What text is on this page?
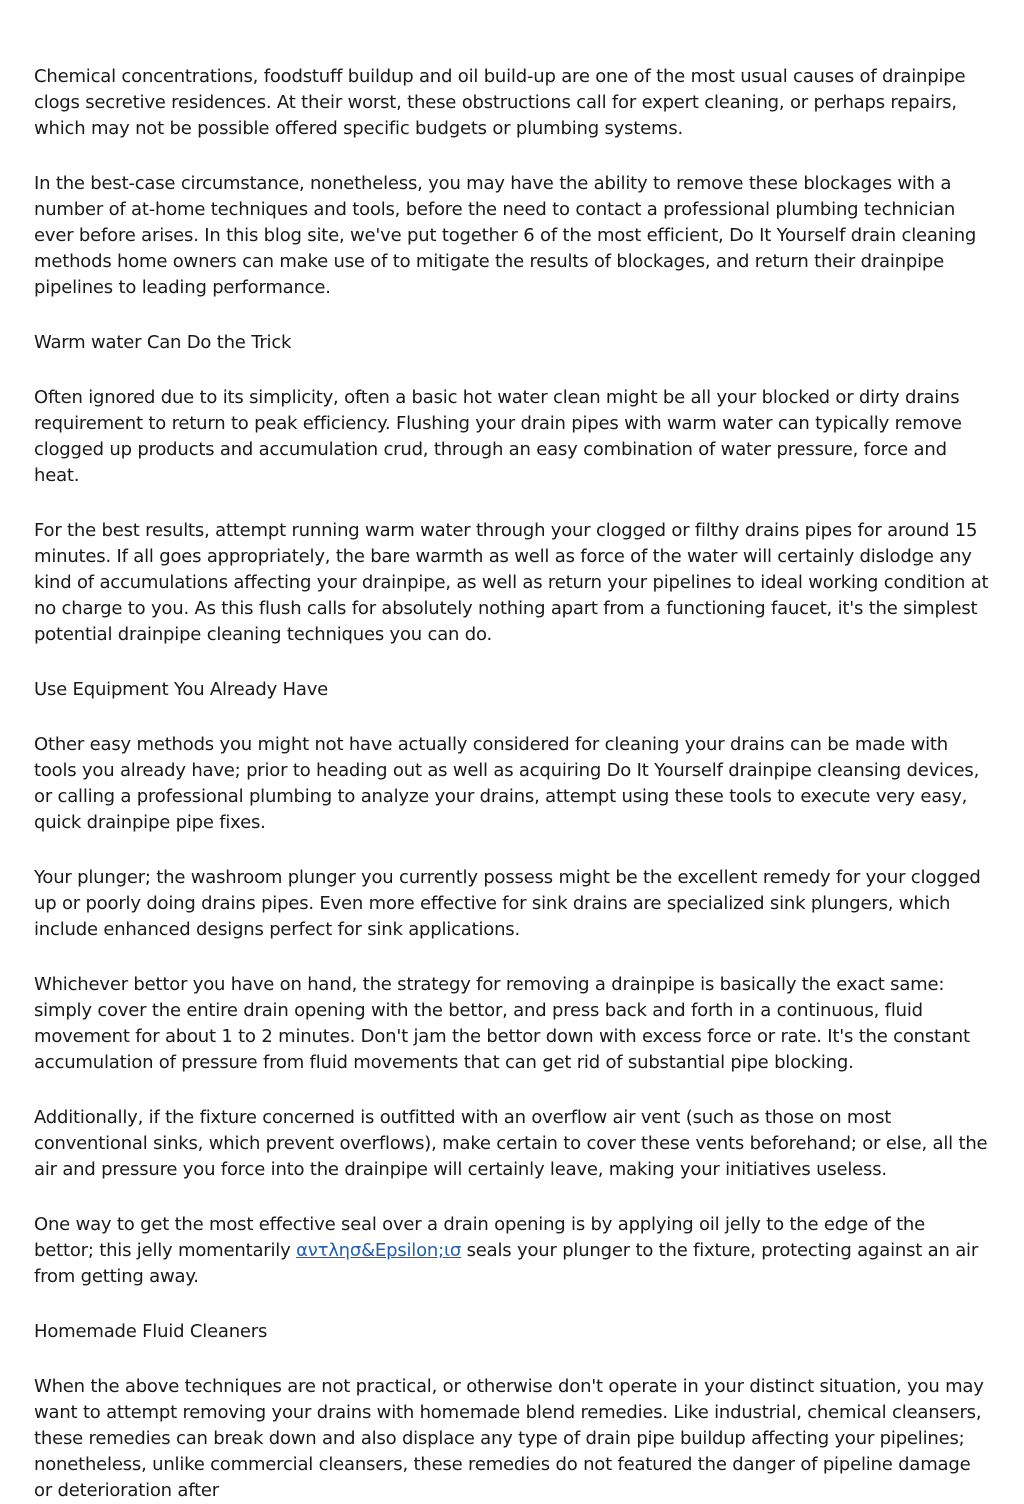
Chemical concentrations, foodstuff buildup and oil build-up are one of the most usual causes of drainpipe clogs secretive residences. At their worst, these obstructions call for expert cleaning, or perhaps repairs, which may not be possible offered specific budgets or plumbing systems.

In the best-case circumstance, nonetheless, you may have the ability to remove these blockages with a number of at-home techniques and tools, before the need to contact a professional plumbing technician ever before arises. In this blog site, we've put together 6 of the most efficient, Do It Yourself drain cleaning methods home owners can make use of to mitigate the results of blockages, and return their drainpipe pipelines to leading performance.

Warm water Can Do the Trick

Often ignored due to its simplicity, often a basic hot water clean might be all your blocked or dirty drains requirement to return to peak efficiency. Flushing your drain pipes with warm water can typically remove clogged up products and accumulation crud, through an easy combination of water pressure, force and heat.

For the best results, attempt running warm water through your clogged or filthy drains pipes for around 15 minutes. If all goes appropriately, the bare warmth as well as force of the water will certainly dislodge any kind of accumulations affecting your drainpipe, as well as return your pipelines to ideal working condition at no charge to you. As this flush calls for absolutely nothing apart from a functioning faucet, it's the simplest potential drainpipe cleaning techniques you can do.

Use Equipment You Already Have

Other easy methods you might not have actually considered for cleaning your drains can be made with tools you already have; prior to heading out as well as acquiring Do It Yourself drainpipe cleansing devices, or calling a professional plumbing to analyze your drains, attempt using these tools to execute very easy, quick drainpipe pipe fixes.

Your plunger; the washroom plunger you currently possess might be the excellent remedy for your clogged up or poorly doing drains pipes. Even more effective for sink drains are specialized sink plungers, which include enhanced designs perfect for sink applications.

Whichever bettor you have on hand, the strategy for removing a drainpipe is basically the exact same: simply cover the entire drain opening with the bettor, and press back and forth in a continuous, fluid movement for about 1 to 2 minutes. Don't jam the bettor down with excess force or rate. It's the constant accumulation of pressure from fluid movements that can get rid of substantial pipe blocking.

Additionally, if the fixture concerned is outfitted with an overflow air vent (such as those on most conventional sinks, which prevent overflows), make certain to cover these vents beforehand; or else, all the air and pressure you force into the drainpipe will certainly leave, making your initiatives useless.

One way to get the most effective seal over a drain opening is by applying oil jelly to the edge of the bettor; this jelly momentarily αντλησ&Epsilon;ισ seals your plunger to the fixture, protecting against an air from getting away.

Homemade Fluid Cleaners

When the above techniques are not practical, or otherwise don't operate in your distinct situation, you may want to attempt removing your drains with homemade blend remedies. Like industrial, chemical cleansers, these remedies can break down and also displace any type of drain pipe buildup affecting your pipelines; nonetheless, unlike commercial cleansers, these remedies do not featured the danger of pipeline damage or deterioration after
